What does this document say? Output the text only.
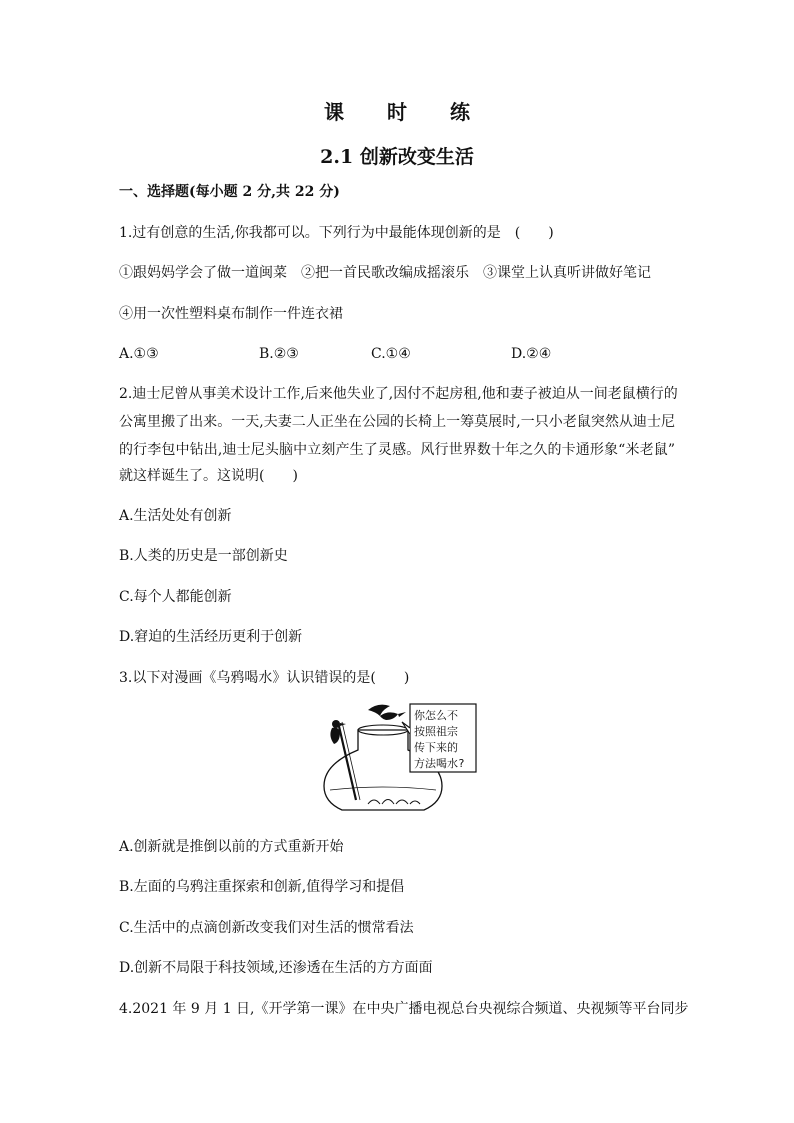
课 时 练
2.1 创新改变生活
一、选择题(每小题 2 分,共 22 分)
1.过有创意的生活,你我都可以。下列行为中最能体现创新的是　(　　)
①跟妈妈学会了做一道闽菜　②把一首民歌改编成摇滚乐　③课堂上认真听讲做好笔记
④用一次性塑料桌布制作一件连衣裙
A.①③	B.②③	C.①④	D.②④
2.迪士尼曾从事美术设计工作,后来他失业了,因付不起房租,他和妻子被迫从一间老鼠横行的
公寓里搬了出来。一天,夫妻二人正坐在公园的长椅上一筹莫展时,一只小老鼠突然从迪士尼
的行李包中钻出,迪士尼头脑中立刻产生了灵感。风行世界数十年之久的卡通形象“米老鼠”
就这样诞生了。这说明(　　)
A.生活处处有创新
B.人类的历史是一部创新史
C.每个人都能创新
D.窘迫的生活经历更利于创新
3.以下对漫画《乌鸦喝水》认识错误的是(　　)
你怎么不
按照祖宗
传下来的
方法喝水?
A.创新就是推倒以前的方式重新开始
B.左面的乌鸦注重探索和创新,值得学习和提倡
C.生活中的点滴创新改变我们对生活的惯常看法
D.创新不局限于科技领域,还渗透在生活的方方面面
4.2021 年 9 月 1 日,《开学第一课》在中央广播电视总台央视综合频道、央视频等平台同步
